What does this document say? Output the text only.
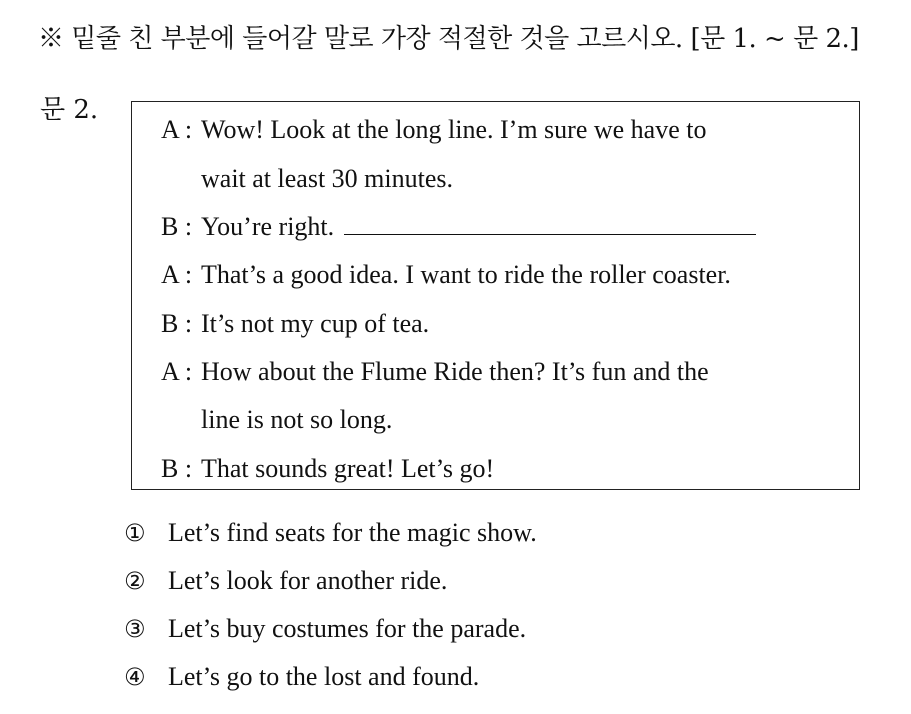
※ 밑줄 친 부분에 들어갈 말로 가장 적절한 것을 고르시오. [문 1. ~ 문 2.]
문 2.
A : Wow! Look at the long line. I’m sure we have to
wait at least 30 minutes.
B : You’re right.
A : That’s a good idea. I want to ride the roller coaster.
B : It’s not my cup of tea.
A : How about the Flume Ride then? It’s fun and the
line is not so long.
B : That sounds great! Let’s go!
① Let’s find seats for the magic show.
② Let’s look for another ride.
③ Let’s buy costumes for the parade.
④ Let’s go to the lost and found.
